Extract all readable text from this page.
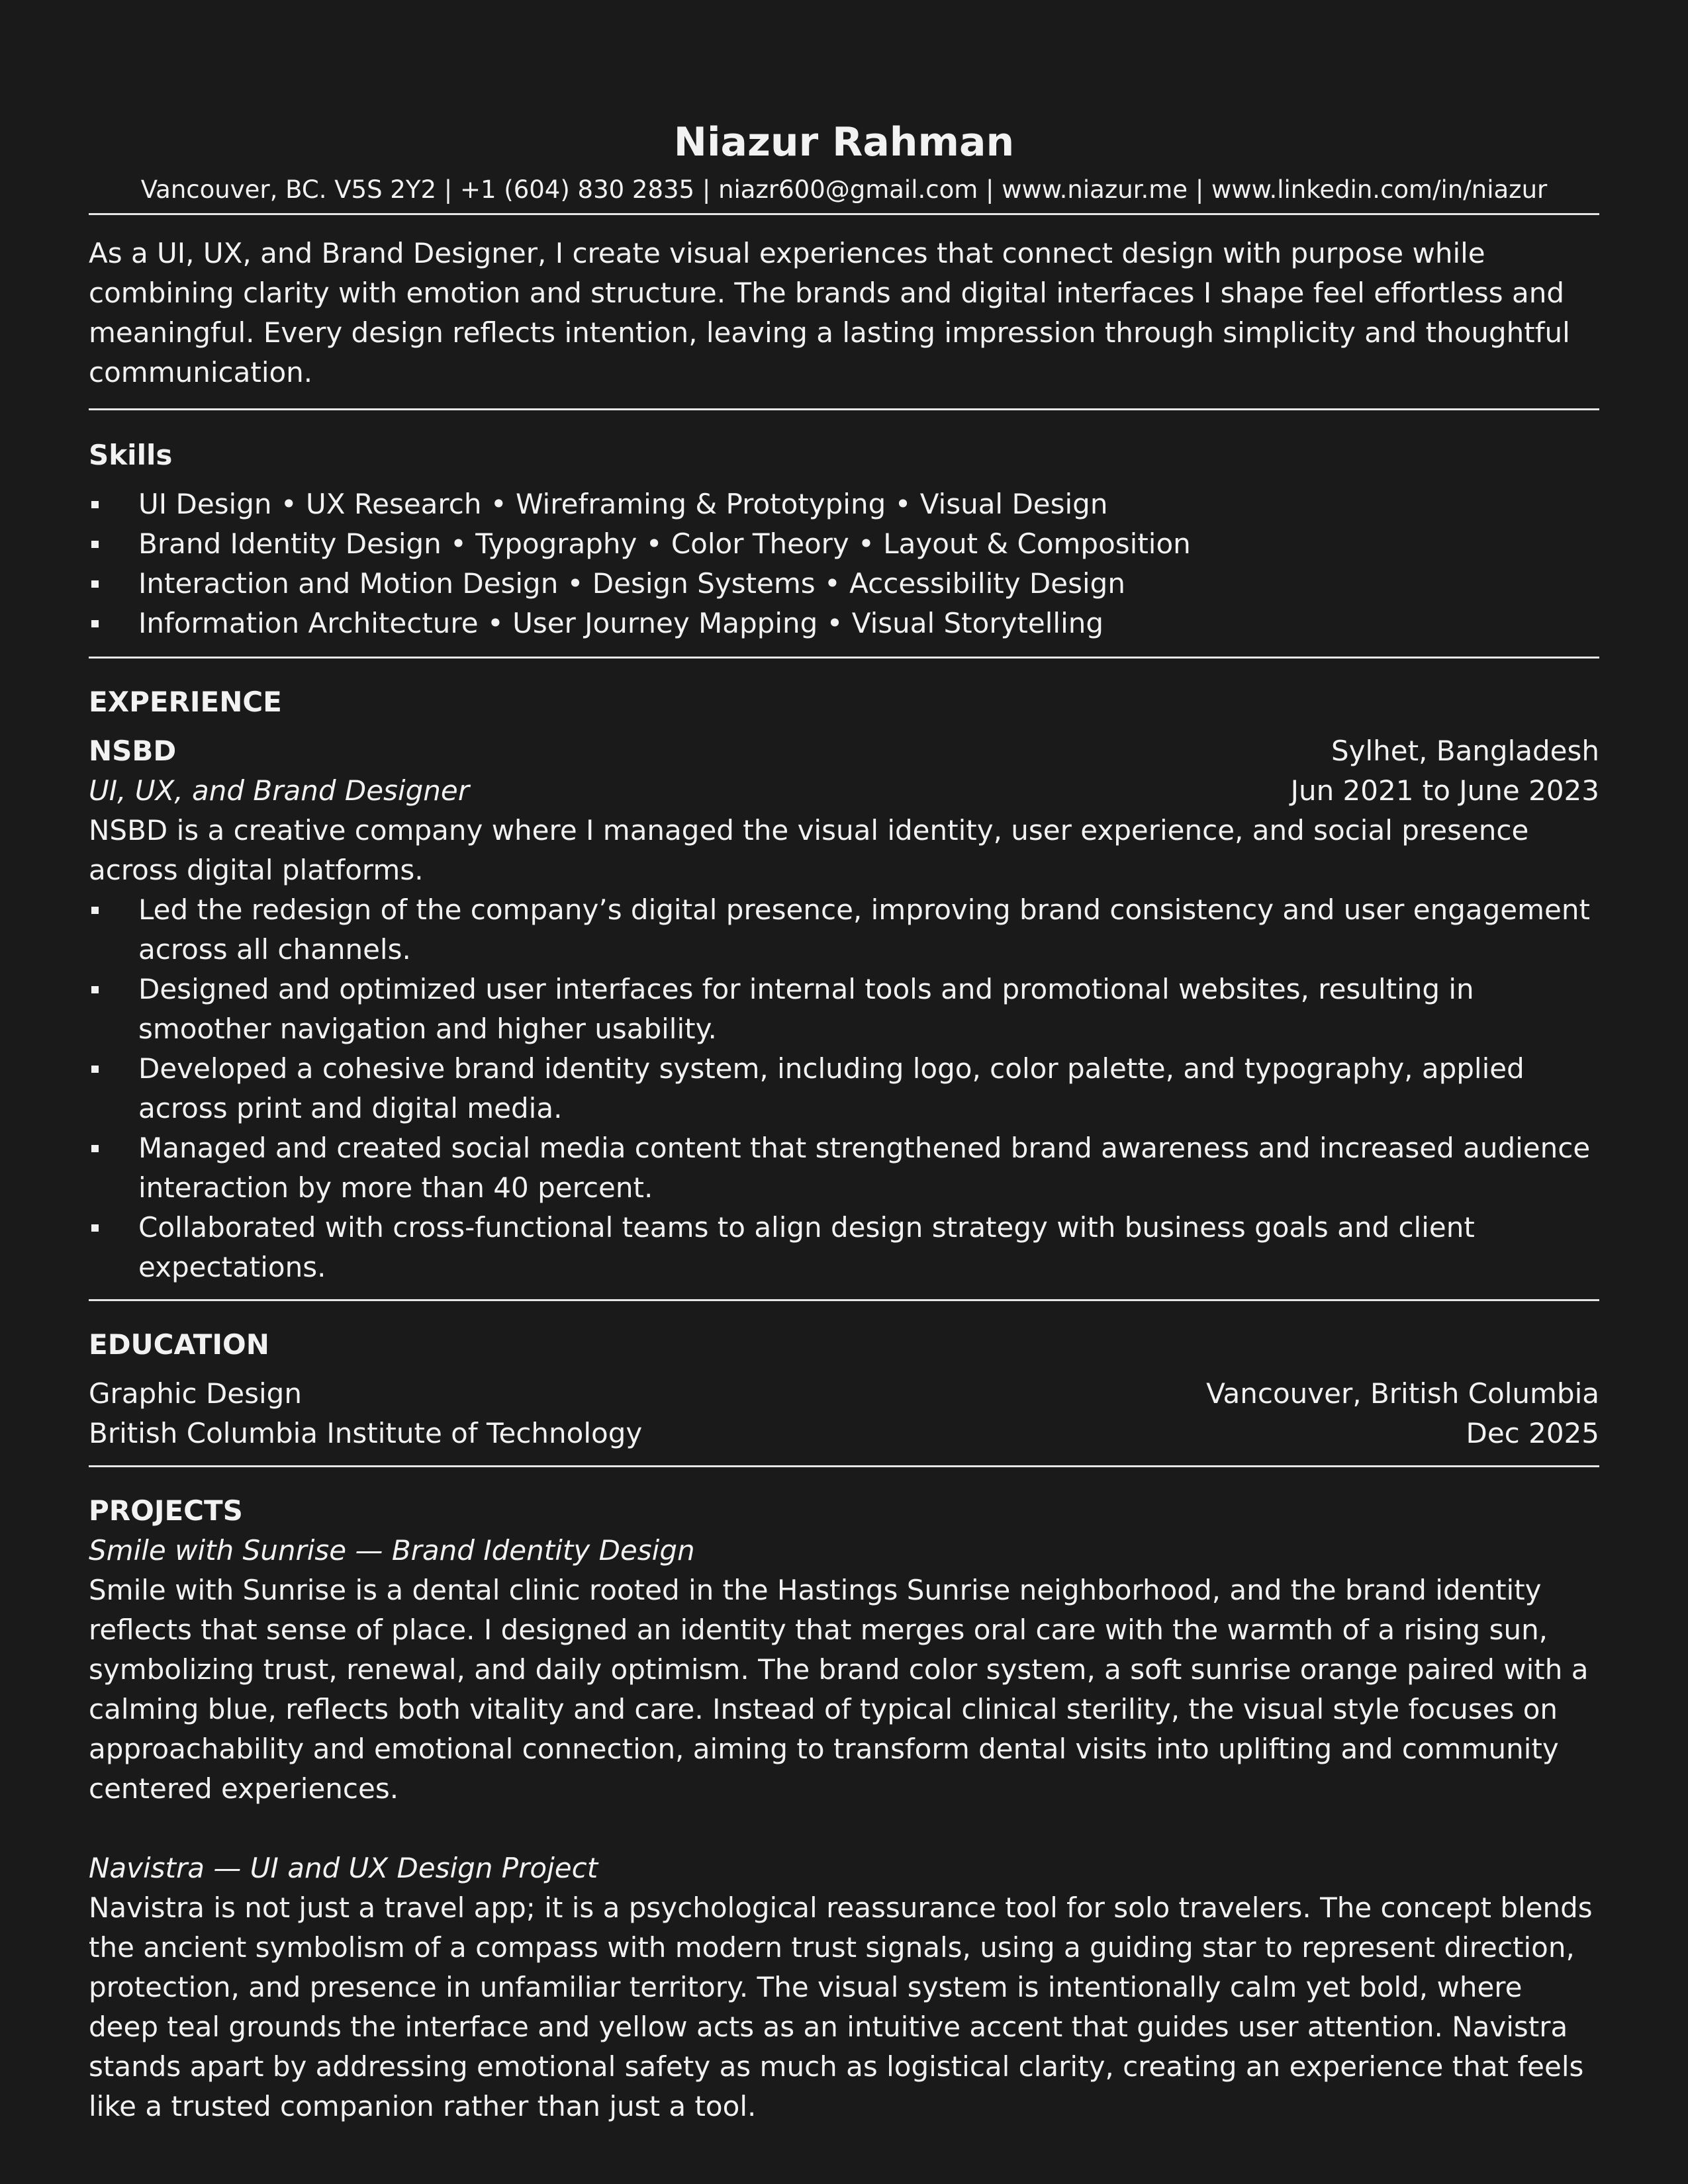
Niazur Rahman

Vancouver, BC. V5S 2Y2 | +1 (604) 830 2835 | niazr600@gmail.com | www.niazur.me | www.linkedin.com/in/niazur

As a UI, UX, and Brand Designer, I create visual experiences that connect design with purpose while combining clarity with emotion and structure. The brands and digital interfaces I shape feel effortless and meaningful. Every design reflects intention, leaving a lasting impression through simplicity and thoughtful communication.

Skills
UI Design • UX Research • Wireframing & Prototyping • Visual Design
Brand Identity Design • Typography • Color Theory • Layout & Composition
Interaction and Motion Design • Design Systems • Accessibility Design
Information Architecture • User Journey Mapping • Visual Storytelling
EXPERIENCE
NSBD	Sylhet, Bangladesh
UI, UX, and Brand Designer	Jun 2021 to June 2023

NSBD is a creative company where I managed the visual identity, user experience, and social presence across digital platforms.

Led the redesign of the company’s digital presence, improving brand consistency and user engagement across all channels.
Designed and optimized user interfaces for internal tools and promotional websites, resulting in smoother navigation and higher usability.
Developed a cohesive brand identity system, including logo, color palette, and typography, applied across print and digital media.
Managed and created social media content that strengthened brand awareness and increased audience interaction by more than 40 percent.
Collaborated with cross-functional teams to align design strategy with business goals and client expectations.
EDUCATION
Graphic Design	Vancouver, British Columbia
British Columbia Institute of Technology	Dec 2025
PROJECTS

Smile with Sunrise — Brand Identity Design

Smile with Sunrise is a dental clinic rooted in the Hastings Sunrise neighborhood, and the brand identity reflects that sense of place. I designed an identity that merges oral care with the warmth of a rising sun, symbolizing trust, renewal, and daily optimism. The brand color system, a soft sunrise orange paired with a calming blue, reflects both vitality and care. Instead of typical clinical sterility, the visual style focuses on approachability and emotional connection, aiming to transform dental visits into uplifting and community centered experiences.

Navistra — UI and UX Design Project

Navistra is not just a travel app; it is a psychological reassurance tool for solo travelers. The concept blends the ancient symbolism of a compass with modern trust signals, using a guiding star to represent direction, protection, and presence in unfamiliar territory. The visual system is intentionally calm yet bold, where deep teal grounds the interface and yellow acts as an intuitive accent that guides user attention. Navistra stands apart by addressing emotional safety as much as logistical clarity, creating an experience that feels like a trusted companion rather than just a tool.
